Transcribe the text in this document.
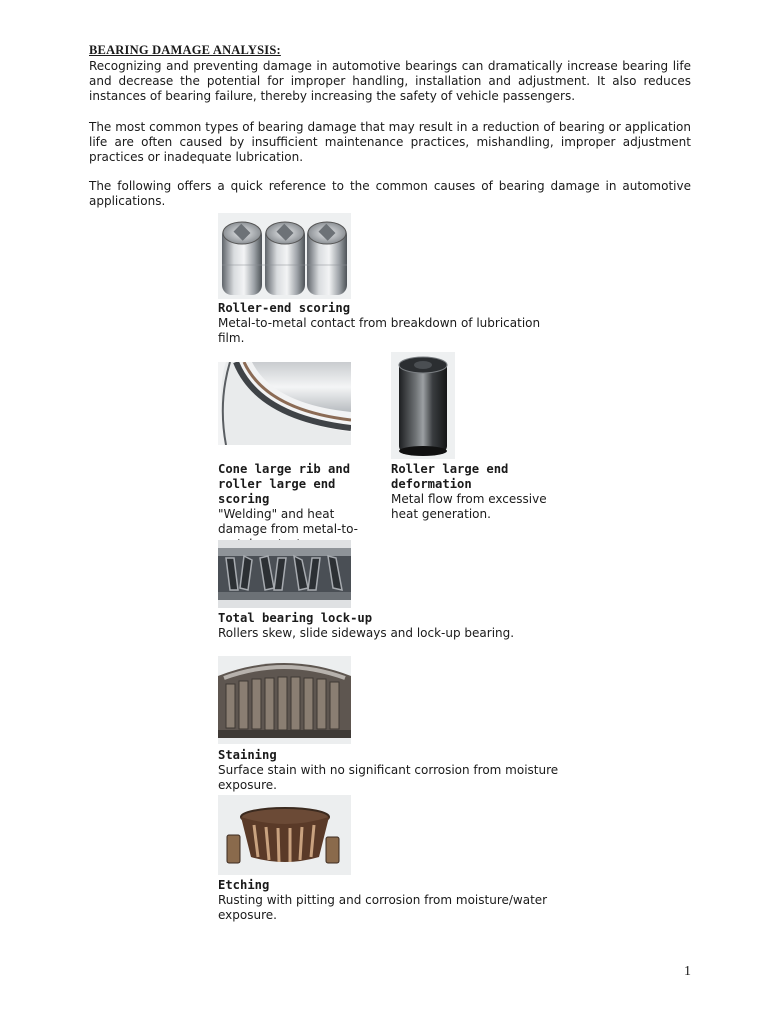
BEARING DAMAGE ANALYSIS:
Recognizing and preventing damage in automotive bearings can dramatically increase bearing life and decrease the potential for improper handling, installation and adjustment. It also reduces instances of bearing failure, thereby increasing the safety of vehicle passengers.
The most common types of bearing damage that may result in a reduction of bearing or application life are often caused by insufficient maintenance practices, mishandling, improper adjustment practices or inadequate lubrication.
The following offers a quick reference to the common causes of bearing damage in automotive applications.
Roller-end scoring
Metal-to-metal contact from breakdown of lubrication film.
Cone large rib and roller large end scoring
"Welding" and heat damage from metal-to-
Roller large end deformation
Metal flow from excessive heat generation.
Total bearing lock-up
Rollers skew, slide sideways and lock-up bearing.
Staining
Surface stain with no significant corrosion from moisture exposure.
Etching
Rusting with pitting and corrosion from moisture/water exposure.
1
